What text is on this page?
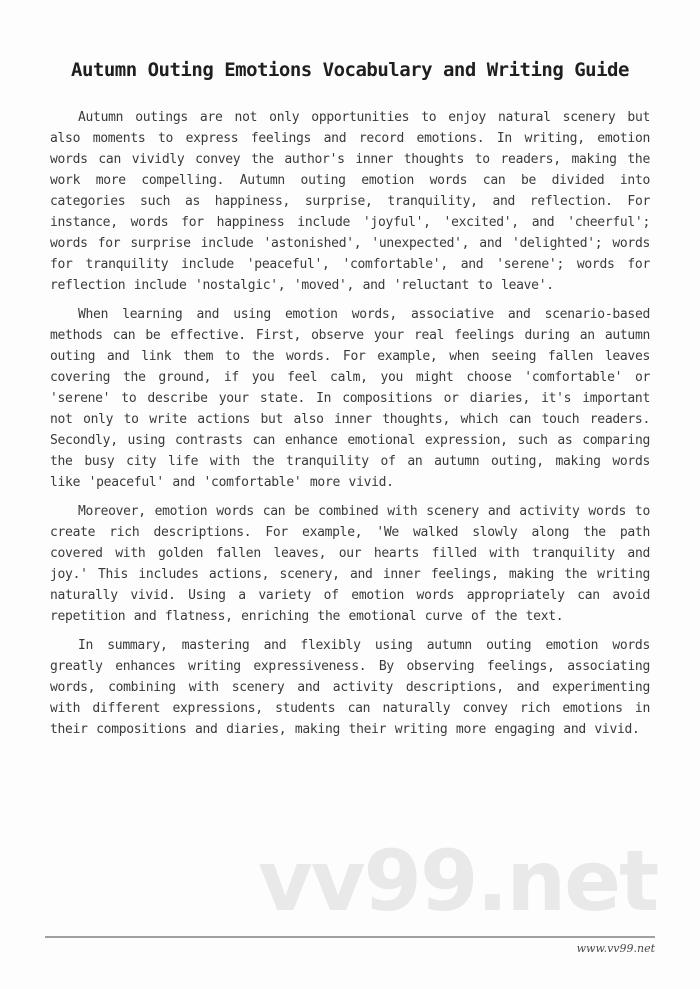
Autumn Outing Emotions Vocabulary and Writing Guide

Autumn outings are not only opportunities to enjoy natural scenery but also moments to express feelings and record emotions. In writing, emotion words can vividly convey the author's inner thoughts to readers, making the work more compelling. Autumn outing emotion words can be divided into categories such as happiness, surprise, tranquility, and reflection. For instance, words for happiness include 'joyful', 'excited', and 'cheerful'; words for surprise include 'astonished', 'unexpected', and 'delighted'; words for tranquility include 'peaceful', 'comfortable', and 'serene'; words for reflection include 'nostalgic', 'moved', and 'reluctant to leave'.

When learning and using emotion words, associative and scenario-based methods can be effective. First, observe your real feelings during an autumn outing and link them to the words. For example, when seeing fallen leaves covering the ground, if you feel calm, you might choose 'comfortable' or 'serene' to describe your state. In compositions or diaries, it's important not only to write actions but also inner thoughts, which can touch readers. Secondly, using contrasts can enhance emotional expression, such as comparing the busy city life with the tranquility of an autumn outing, making words like 'peaceful' and 'comfortable' more vivid.

Moreover, emotion words can be combined with scenery and activity words to create rich descriptions. For example, 'We walked slowly along the path covered with golden fallen leaves, our hearts filled with tranquility and joy.' This includes actions, scenery, and inner feelings, making the writing naturally vivid. Using a variety of emotion words appropriately can avoid repetition and flatness, enriching the emotional curve of the text.

In summary, mastering and flexibly using autumn outing emotion words greatly enhances writing expressiveness. By observing feelings, associating words, combining with scenery and activity descriptions, and experimenting with different expressions, students can naturally convey rich emotions in their compositions and diaries, making their writing more engaging and vivid.

vv99.net
www.vv99.net
